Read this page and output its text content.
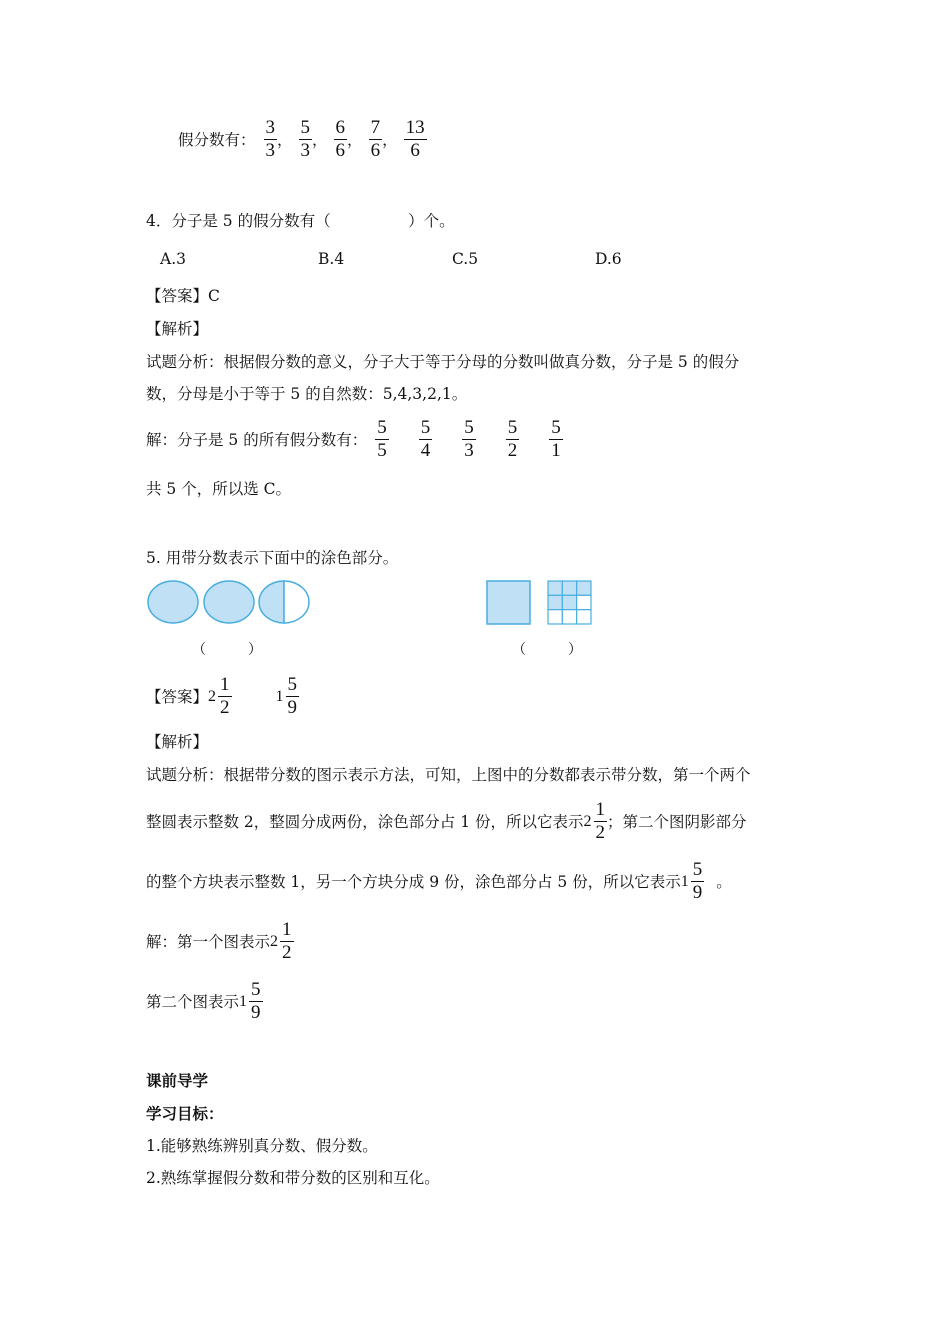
假分数有： $\frac{3}{3}$ ， $\frac{5}{3}$ ， $\frac{6}{6}$ ， $\frac{7}{6}$ ， $\frac{13}{6}$
4．分子是 5 的假分数有（　　　　　）个。
A.3	B.4	C.5	D.6
【答案】C
【解析】
试题分析：根据假分数的意义，分子大于等于分母的分数叫做真分数，分子是 5 的假分
数，分母是小于等于 5 的自然数：5,4,3,2,1。
解：分子是 5 的所有假分数有： $\frac{5}{5} \frac{5}{4} \frac{5}{3} \frac{5}{2} \frac{5}{1}$
共 5 个，所以选 C。
5. 用带分数表示下面中的涂色部分。
（　　　）	（　　　）
【答案】 $2 \frac{1}{2}$	$1 \frac{5}{9}$
【解析】
试题分析：根据带分数的图示表示方法，可知，上图中的分数都表示带分数，第一个两个
整圆表示整数 2，整圆分成两份，涂色部分占 1 份，所以它表示 $2 \frac{1}{2}$ ；第二个图阴影部分
的整个方块表示整数 1，另一个方块分成 9 份，涂色部分占 5 份，所以它表示 $1 \frac{5}{9}$ 。
解：第一个图表示 $2 \frac{1}{2}$
第二个图表示 $1 \frac{5}{9}$
课前导学
学习目标：
1.能够熟练辨别真分数、假分数。
2.熟练掌握假分数和带分数的区别和互化。
